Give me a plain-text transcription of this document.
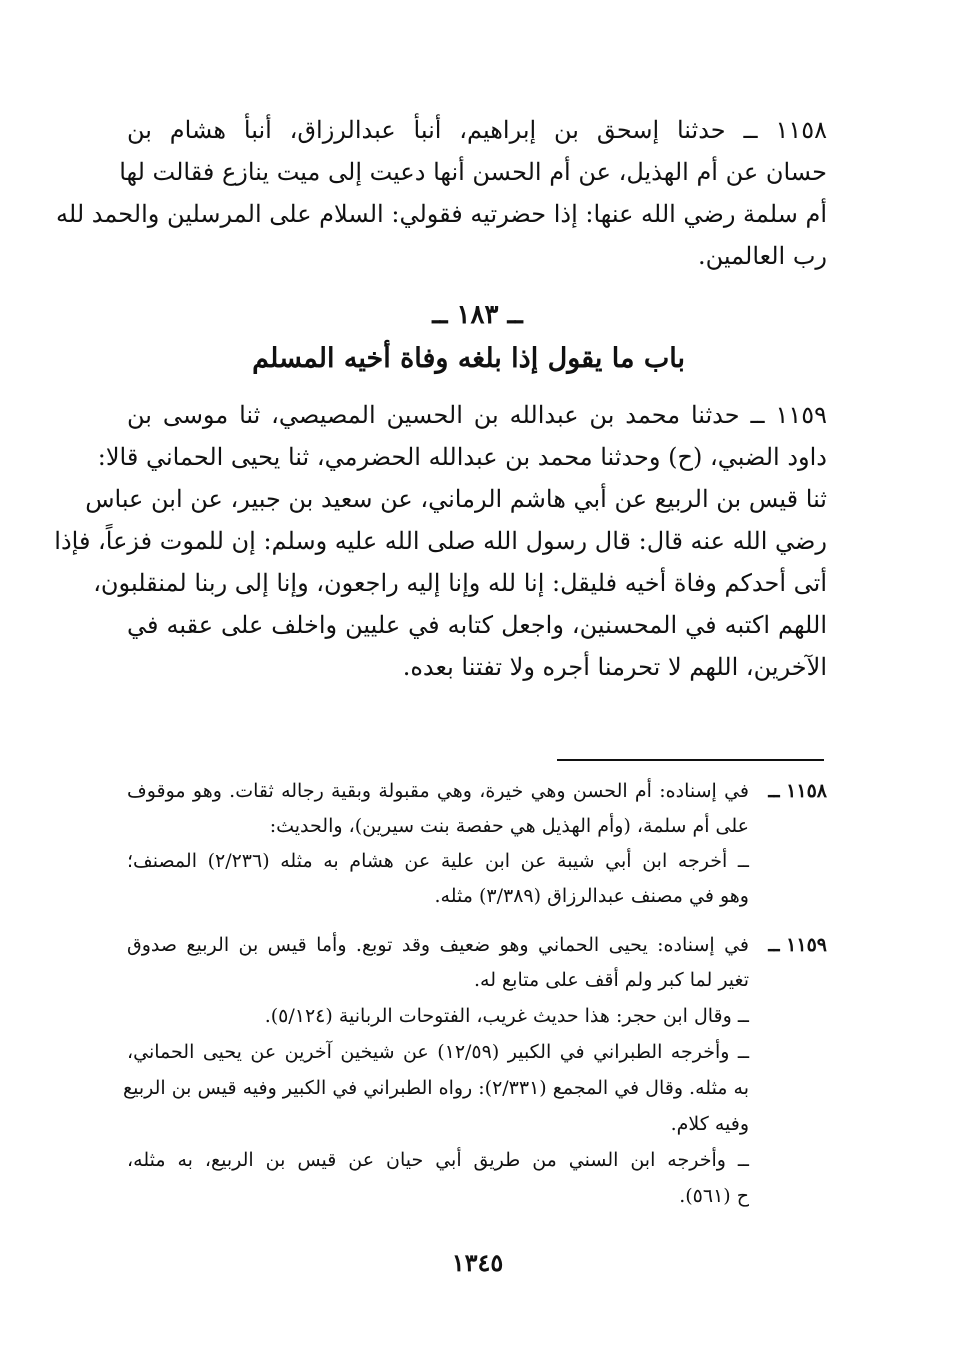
١١٥٨ ــ حدثنا إسحق بن إبراهيم، أنبأ عبدالرزاق، أنبأ هشام بن
حسان عن أم الهذيل، عن أم الحسن أنها دعيت إلى ميت ينازع فقالت لها
أم سلمة رضي الله عنها: إذا حضرتيه فقولي: السلام على المرسلين والحمد لله
رب العالمين.
ــ ١٨٣ ــ
باب ما يقول إذا بلغه وفاة أخيه المسلم
١١٥٩ ــ حدثنا محمد بن عبدالله بن الحسين المصيصي، ثنا موسى بن
داود الضبي، (ح) وحدثنا محمد بن عبدالله الحضرمي، ثنا يحيى الحماني قالا:
ثنا قيس بن الربيع عن أبي هاشم الرماني، عن سعيد بن جبير، عن ابن عباس
رضي الله عنه قال: قال رسول الله صلى الله عليه وسلم: إن للموت فزعاً، فإذا
أتى أحدكم وفاة أخيه فليقل: إنا لله وإنا إليه راجعون، وإنا إلى ربنا لمنقلبون،
اللهم اكتبه في المحسنين، واجعل كتابه في عليين واخلف على عقبه في
الآخرين، اللهم لا تحرمنا أجره ولا تفتنا بعده.
١١٥٨ ــ
في إسناده: أم الحسن وهي خيرة، وهي مقبولة وبقية رجاله ثقات. وهو موقوف
على أم سلمة، (وأم الهذيل هي حفصة بنت سيرين)، والحديث:
ــ أخرجه ابن أبي شيبة عن ابن علية عن هشام به مثله (٢/٢٣٦) المصنف؛
وهو في مصنف عبدالرزاق (٣/٣٨٩) مثله.
١١٥٩ ــ
في إسناده: يحيى الحماني وهو ضعيف وقد توبع. وأما قيس بن الربيع صدوق
تغير لما كبر ولم أقف على متابع له.
ــ وقال ابن حجر: هذا حديث غريب، الفتوحات الربانية (٥/١٢٤).
ــ وأخرجه الطبراني في الكبير (١٢/٥٩) عن شيخين آخرين عن يحيى الحماني،
به مثله. وقال في المجمع (٢/٣٣١): رواه الطبراني في الكبير وفيه قيس بن الربيع
وفيه كلام.
ــ وأخرجه ابن السني من طريق أبي حيان عن قيس بن الربيع، به مثله،
ح (٥٦١).
١٣٤٥
